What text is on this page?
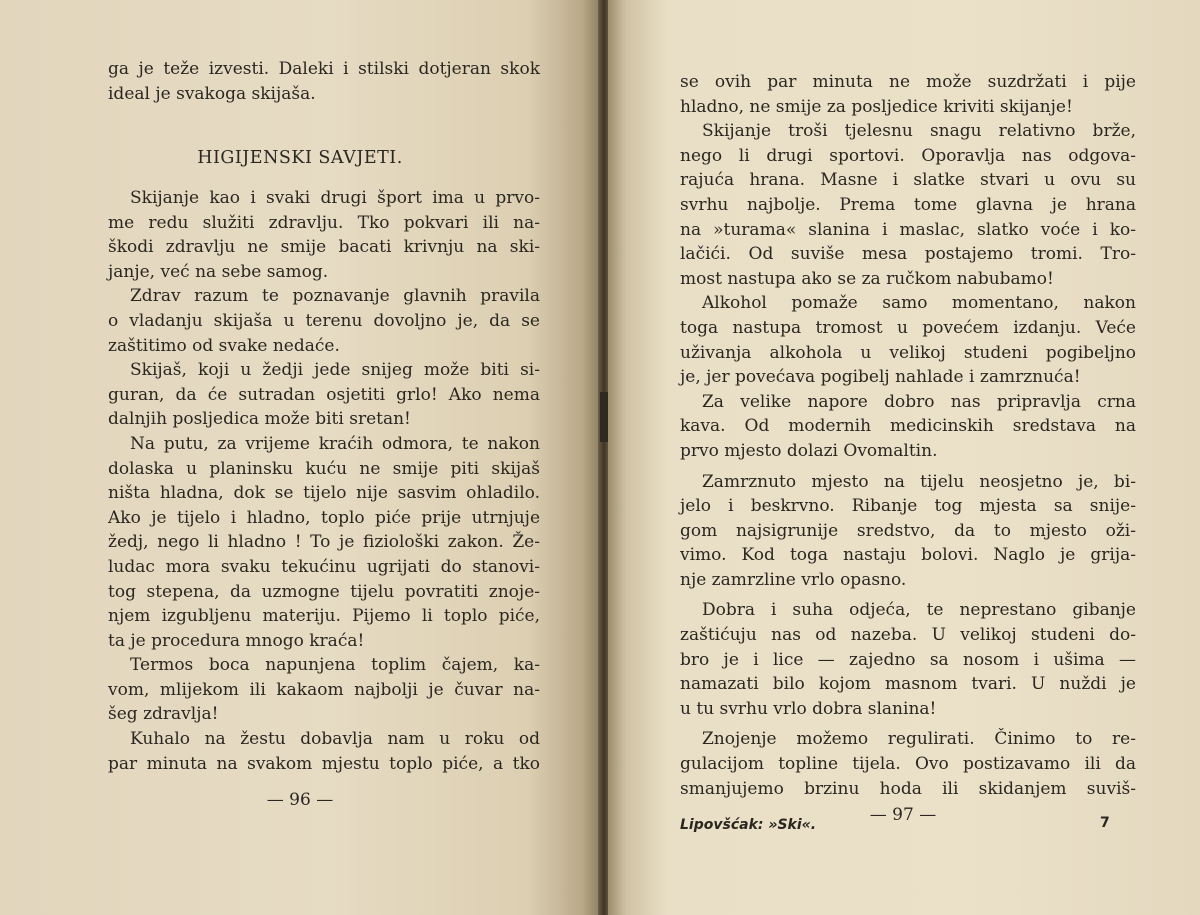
ga je teže izvesti. Daleki i stilski dotjeran skok
ideal je svakoga skijaša.
HIGIJENSKI SAVJETI.
Skijanje kao i svaki drugi šport ima u prvo-
me redu služiti zdravlju. Tko pokvari ili na-
škodi zdravlju ne smije bacati krivnju na ski-
janje, već na sebe samog.
Zdrav razum te poznavanje glavnih pravila
o vladanju skijaša u terenu dovoljno je, da se
zaštitimo od svake nedaće.
Skijaš, koji u žedji jede snijeg može biti si-
guran, da će sutradan osjetiti grlo! Ako nema
dalnjih posljedica može biti sretan!
Na putu, za vrijeme kraćih odmora, te nakon
dolaska u planinsku kuću ne smije piti skijaš
ništa hladna, dok se tijelo nije sasvim ohladilo.
Ako je tijelo i hladno, toplo piće prije utrnjuje
žedj, nego li hladno ! To je fiziološki zakon. Že-
ludac mora svaku tekućinu ugrijati do stanovi-
tog stepena, da uzmogne tijelu povratiti znoje-
njem izgubljenu materiju. Pijemo li toplo piće,
ta je procedura mnogo kraća!
Termos boca napunjena toplim čajem, ka-
vom, mlijekom ili kakaom najbolji je čuvar na-
šeg zdravlja!
Kuhalo na žestu dobavlja nam u roku od
par minuta na svakom mjestu toplo piće, a tko
— 96 —
se ovih par minuta ne može suzdržati i pije
hladno, ne smije za posljedice kriviti skijanje!
Skijanje troši tjelesnu snagu relativno brže,
nego li drugi sportovi. Oporavlja nas odgova-
rajuća hrana. Masne i slatke stvari u ovu su
svrhu najbolje. Prema tome glavna je hrana
na »turama« slanina i maslac, slatko voće i ko-
lačići. Od suviše mesa postajemo tromi. Tro-
most nastupa ako se za ručkom nabubamo!
Alkohol pomaže samo momentano, nakon
toga nastupa tromost u povećem izdanju. Veće
uživanja alkohola u velikoj studeni pogibeljno
je, jer povećava pogibelj nahlade i zamrznuća!
Za velike napore dobro nas pripravlja crna
kava. Od modernih medicinskih sredstava na
prvo mjesto dolazi Ovomaltin.
Zamrznuto mjesto na tijelu neosjetno je, bi-
jelo i beskrvno. Ribanje tog mjesta sa snije-
gom najsigrunije sredstvo, da to mjesto oži-
vimo. Kod toga nastaju bolovi. Naglo je grija-
nje zamrzline vrlo opasno.
Dobra i suha odjeća, te neprestano gibanje
zaštićuju nas od nazeba. U velikoj studeni do-
bro je i lice — zajedno sa nosom i ušima —
namazati bilo kojom masnom tvari. U nuždi je
u tu svrhu vrlo dobra slanina!
Znojenje možemo regulirati. Činimo to re-
gulacijom topline tijela. Ovo postizavamo ili da
smanjujemo brzinu hoda ili skidanjem suviš-
Lipovšćak: »Ski«.	— 97 —	7
